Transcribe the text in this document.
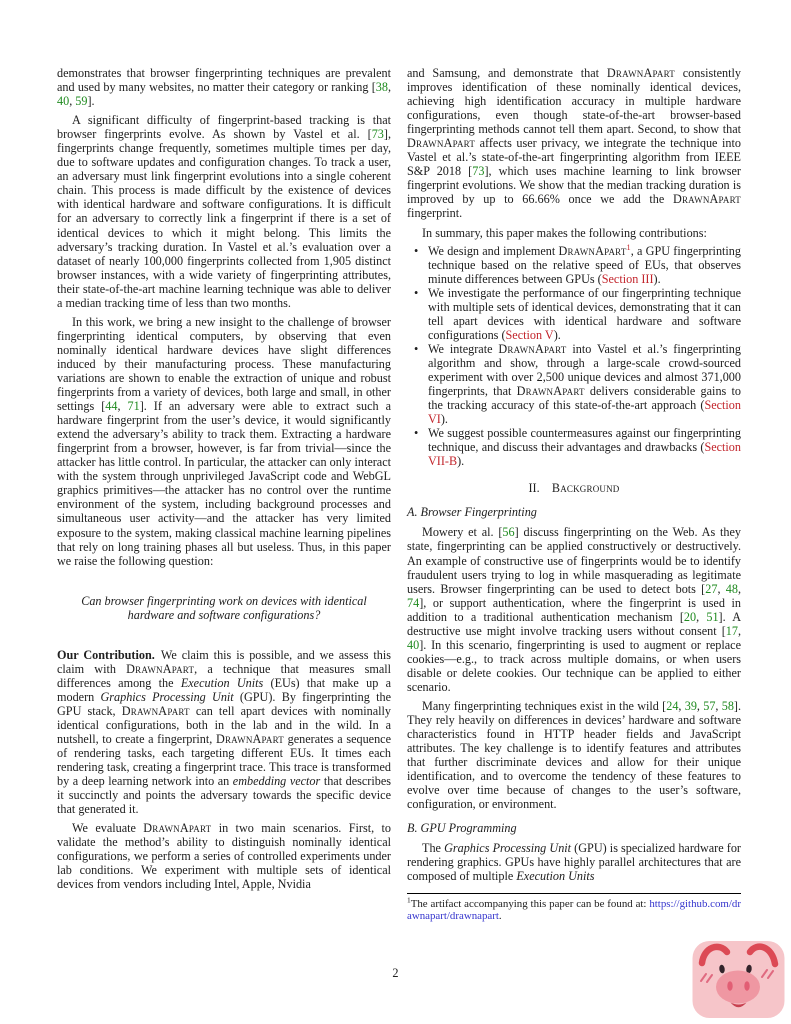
demonstrates that browser fingerprinting techniques are prevalent and used by many websites, no matter their category or ranking [38, 40, 59].
A significant difficulty of fingerprint-based tracking is that browser fingerprints evolve. As shown by Vastel et al. [73], fingerprints change frequently, sometimes multiple times per day, due to software updates and configuration changes. To track a user, an adversary must link fingerprint evolutions into a single coherent chain. This process is made difficult by the existence of devices with identical hardware and software configurations. It is difficult for an adversary to correctly link a fingerprint if there is a set of identical devices to which it might belong. This limits the adversary’s tracking duration. In Vastel et al.’s evaluation over a dataset of nearly 100,000 fingerprints collected from 1,905 distinct browser instances, with a wide variety of fingerprinting attributes, their state-of-the-art machine learning technique was able to deliver a median tracking time of less than two months.
In this work, we bring a new insight to the challenge of browser fingerprinting identical computers, by observing that even nominally identical hardware devices have slight differences induced by their manufacturing process. These manufacturing variations are shown to enable the extraction of unique and robust fingerprints from a variety of devices, both large and small, in other settings [44, 71]. If an adversary were able to extract such a hardware fingerprint from the user’s device, it would significantly extend the adversary’s ability to track them. Extracting a hardware fingerprint from a browser, however, is far from trivial—since the attacker has little control. In particular, the attacker can only interact with the system through unprivileged JavaScript code and WebGL graphics primitives—the attacker has no control over the runtime environment of the system, including background processes and simultaneous user activity—and the attacker has very limited exposure to the system, making classical machine learning pipelines that rely on long training phases all but useless. Thus, in this paper we raise the following question:
Can browser fingerprinting work on devices with identical hardware and software configurations?
Our Contribution. We claim this is possible, and we assess this claim with DrawnApart, a technique that measures small differences among the Execution Units (EUs) that make up a modern Graphics Processing Unit (GPU). By fingerprinting the GPU stack, DrawnApart can tell apart devices with nominally identical configurations, both in the lab and in the wild. In a nutshell, to create a fingerprint, DrawnApart generates a sequence of rendering tasks, each targeting different EUs. It times each rendering task, creating a fingerprint trace. This trace is transformed by a deep learning network into an embedding vector that describes it succinctly and points the adversary towards the specific device that generated it.
We evaluate DrawnApart in two main scenarios. First, to validate the method’s ability to distinguish nominally identical configurations, we perform a series of controlled experiments under lab conditions. We experiment with multiple sets of identical devices from vendors including Intel, Apple, Nvidia
and Samsung, and demonstrate that DrawnApart consistently improves identification of these nominally identical devices, achieving high identification accuracy in multiple hardware configurations, even though state-of-the-art browser-based fingerprinting methods cannot tell them apart. Second, to show that DrawnApart affects user privacy, we integrate the technique into Vastel et al.’s state-of-the-art fingerprinting algorithm from IEEE S&P 2018 [73], which uses machine learning to link browser fingerprint evolutions. We show that the median tracking duration is improved by up to 66.66% once we add the DrawnApart fingerprint.
In summary, this paper makes the following contributions:
• We design and implement DrawnApart$^1$, a GPU fingerprinting technique based on the relative speed of EUs, that observes minute differences between GPUs (Section III).
• We investigate the performance of our fingerprinting technique with multiple sets of identical devices, demonstrating that it can tell apart devices with identical hardware and software configurations (Section V).
• We integrate DrawnApart into Vastel et al.’s fingerprinting algorithm and show, through a large-scale crowd-sourced experiment with over 2,500 unique devices and almost 371,000 fingerprints, that DrawnApart delivers considerable gains to the tracking accuracy of this state-of-the-art approach (Section VI).
• We suggest possible countermeasures against our fingerprinting technique, and discuss their advantages and drawbacks (Section VII-B).
II. Background
A. Browser Fingerprinting
Mowery et al. [56] discuss fingerprinting on the Web. As they state, fingerprinting can be applied constructively or destructively. An example of constructive use of fingerprints would be to identify fraudulent users trying to log in while masquerading as legitimate users. Browser fingerprinting can be used to detect bots [27, 48, 74], or support authentication, where the fingerprint is used in addition to a traditional authentication mechanism [20, 51]. A destructive use might involve tracking users without consent [17, 40]. In this scenario, fingerprinting is used to augment or replace cookies—e.g., to track across multiple domains, or when users disable or delete cookies. Our technique can be applied to either scenario.
Many fingerprinting techniques exist in the wild [24, 39, 57, 58]. They rely heavily on differences in devices’ hardware and software characteristics found in HTTP header fields and JavaScript attributes. The key challenge is to identify features and attributes that further discriminate devices and allow for their unique identification, and to overcome the tendency of these features to evolve over time because of changes to the user’s software, configuration, or environment.
B. GPU Programming
The Graphics Processing Unit (GPU) is specialized hardware for rendering graphics. GPUs have highly parallel architectures that are composed of multiple Execution Units
$^1$The artifact accompanying this paper can be found at: https://github.com/drawnapart/drawnapart.
2
